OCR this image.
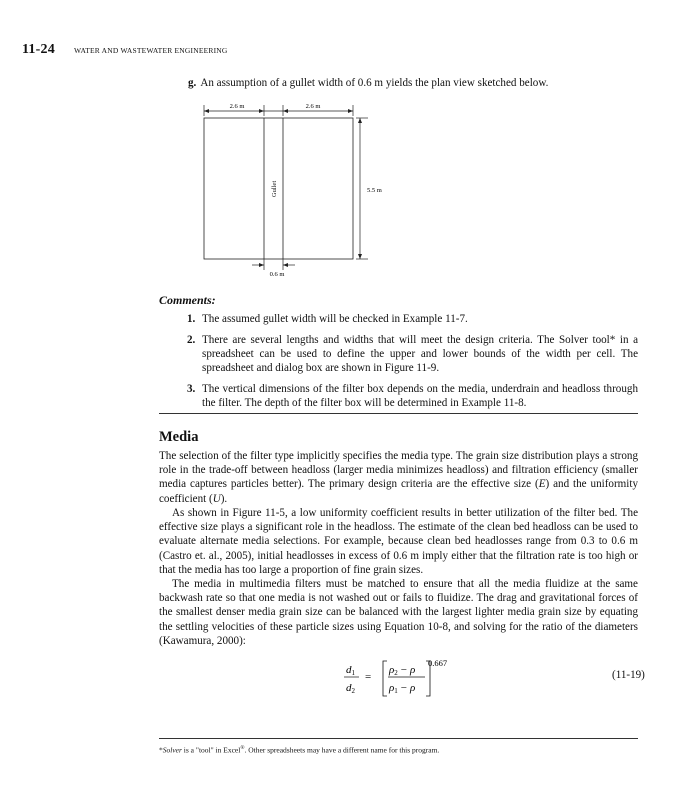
11-24	WATER AND WASTEWATER ENGINEERING
g. An assumption of a gullet width of 0.6 m yields the plan view sketched below.
2.6 m	2.6 m
Gullet	5.5 m
0.6 m
Comments:
1. The assumed gullet width will be checked in Example 11-7.
2. There are several lengths and widths that will meet the design criteria. The Solver tool* in a spreadsheet can be used to define the upper and lower bounds of the width per cell. The spreadsheet and dialog box are shown in Figure 11-9.
3. The vertical dimensions of the filter box depends on the media, underdrain and headloss through the filter. The depth of the filter box will be determined in Example 11-8.
Media
The selection of the filter type implicitly specifies the media type. The grain size distribution plays a strong role in the trade-off between headloss (larger media minimizes headloss) and filtration efficiency (smaller media captures particles better). The primary design criteria are the effective size (E) and the uniformity coefficient (U).
As shown in Figure 11-5, a low uniformity coefficient results in better utilization of the filter bed. The effective size plays a significant role in the headloss. The estimate of the clean bed headloss can be used to evaluate alternate media selections. For example, because clean bed headlosses range from 0.3 to 0.6 m (Castro et. al., 2005), initial headlosses in excess of 0.6 m imply either that the filtration rate is too high or that the media has too large a proportion of fine grain sizes.
The media in multimedia filters must be matched to ensure that all the media fluidize at the same backwash rate so that one media is not washed out or fails to fluidize. The drag and gravitational forces of the smallest denser media grain size can be balanced with the largest lighter media grain size by equating the settling velocities of these particle sizes using Equation 10-8, and solving for the ratio of the diameters (Kawamura, 2000):
d1
d2
=
ρ2 − ρ
ρ1 − ρ
0.667
(11-19)
*Solver is a "tool" in Excel®. Other spreadsheets may have a different name for this program.
